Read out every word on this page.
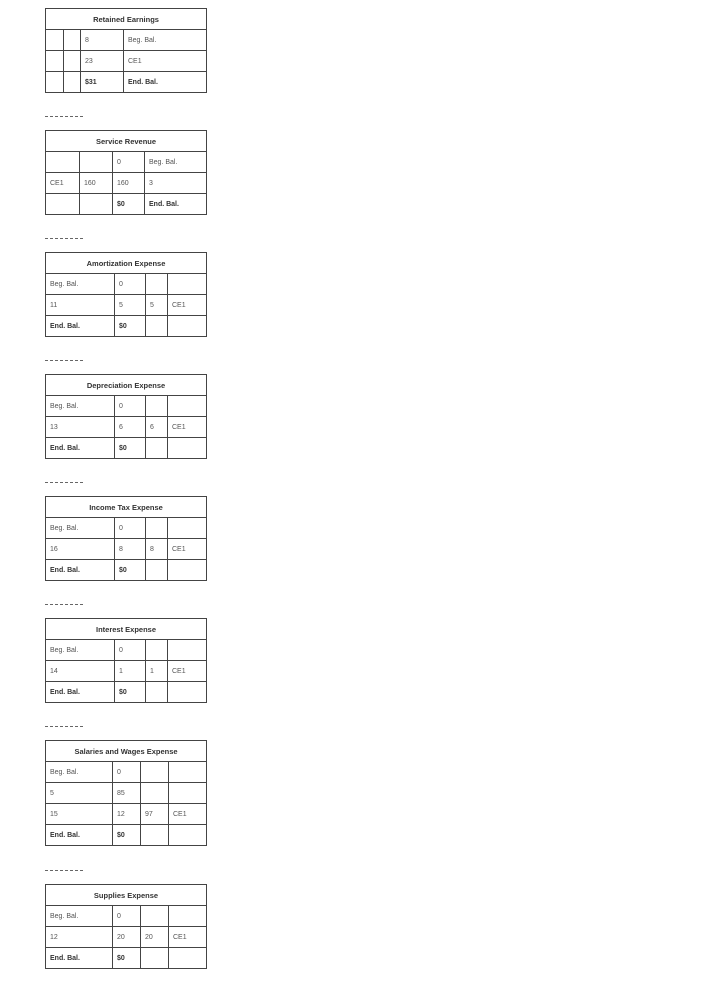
Retained Earnings			
		8	Beg. Bal.
		23	CE1
		$31	End. Bal.
Service Revenue			
		0	Beg. Bal.
CE1	160	160	3
		$0	End. Bal.
Amortization Expense			
Beg. Bal.	0		
11	5	5	CE1
End. Bal.	$0		
Depreciation Expense			
Beg. Bal.	0		
13	6	6	CE1
End. Bal.	$0		
Income Tax Expense			
Beg. Bal.	0		
16	8	8	CE1
End. Bal.	$0		
Interest Expense			
Beg. Bal.	0		
14	1	1	CE1
End. Bal.	$0		
Salaries and Wages Expense			
Beg. Bal.	0		
5	85		
15	12	97	CE1
End. Bal.	$0		
Supplies Expense			
Beg. Bal.	0		
12	20	20	CE1
End. Bal.	$0		
